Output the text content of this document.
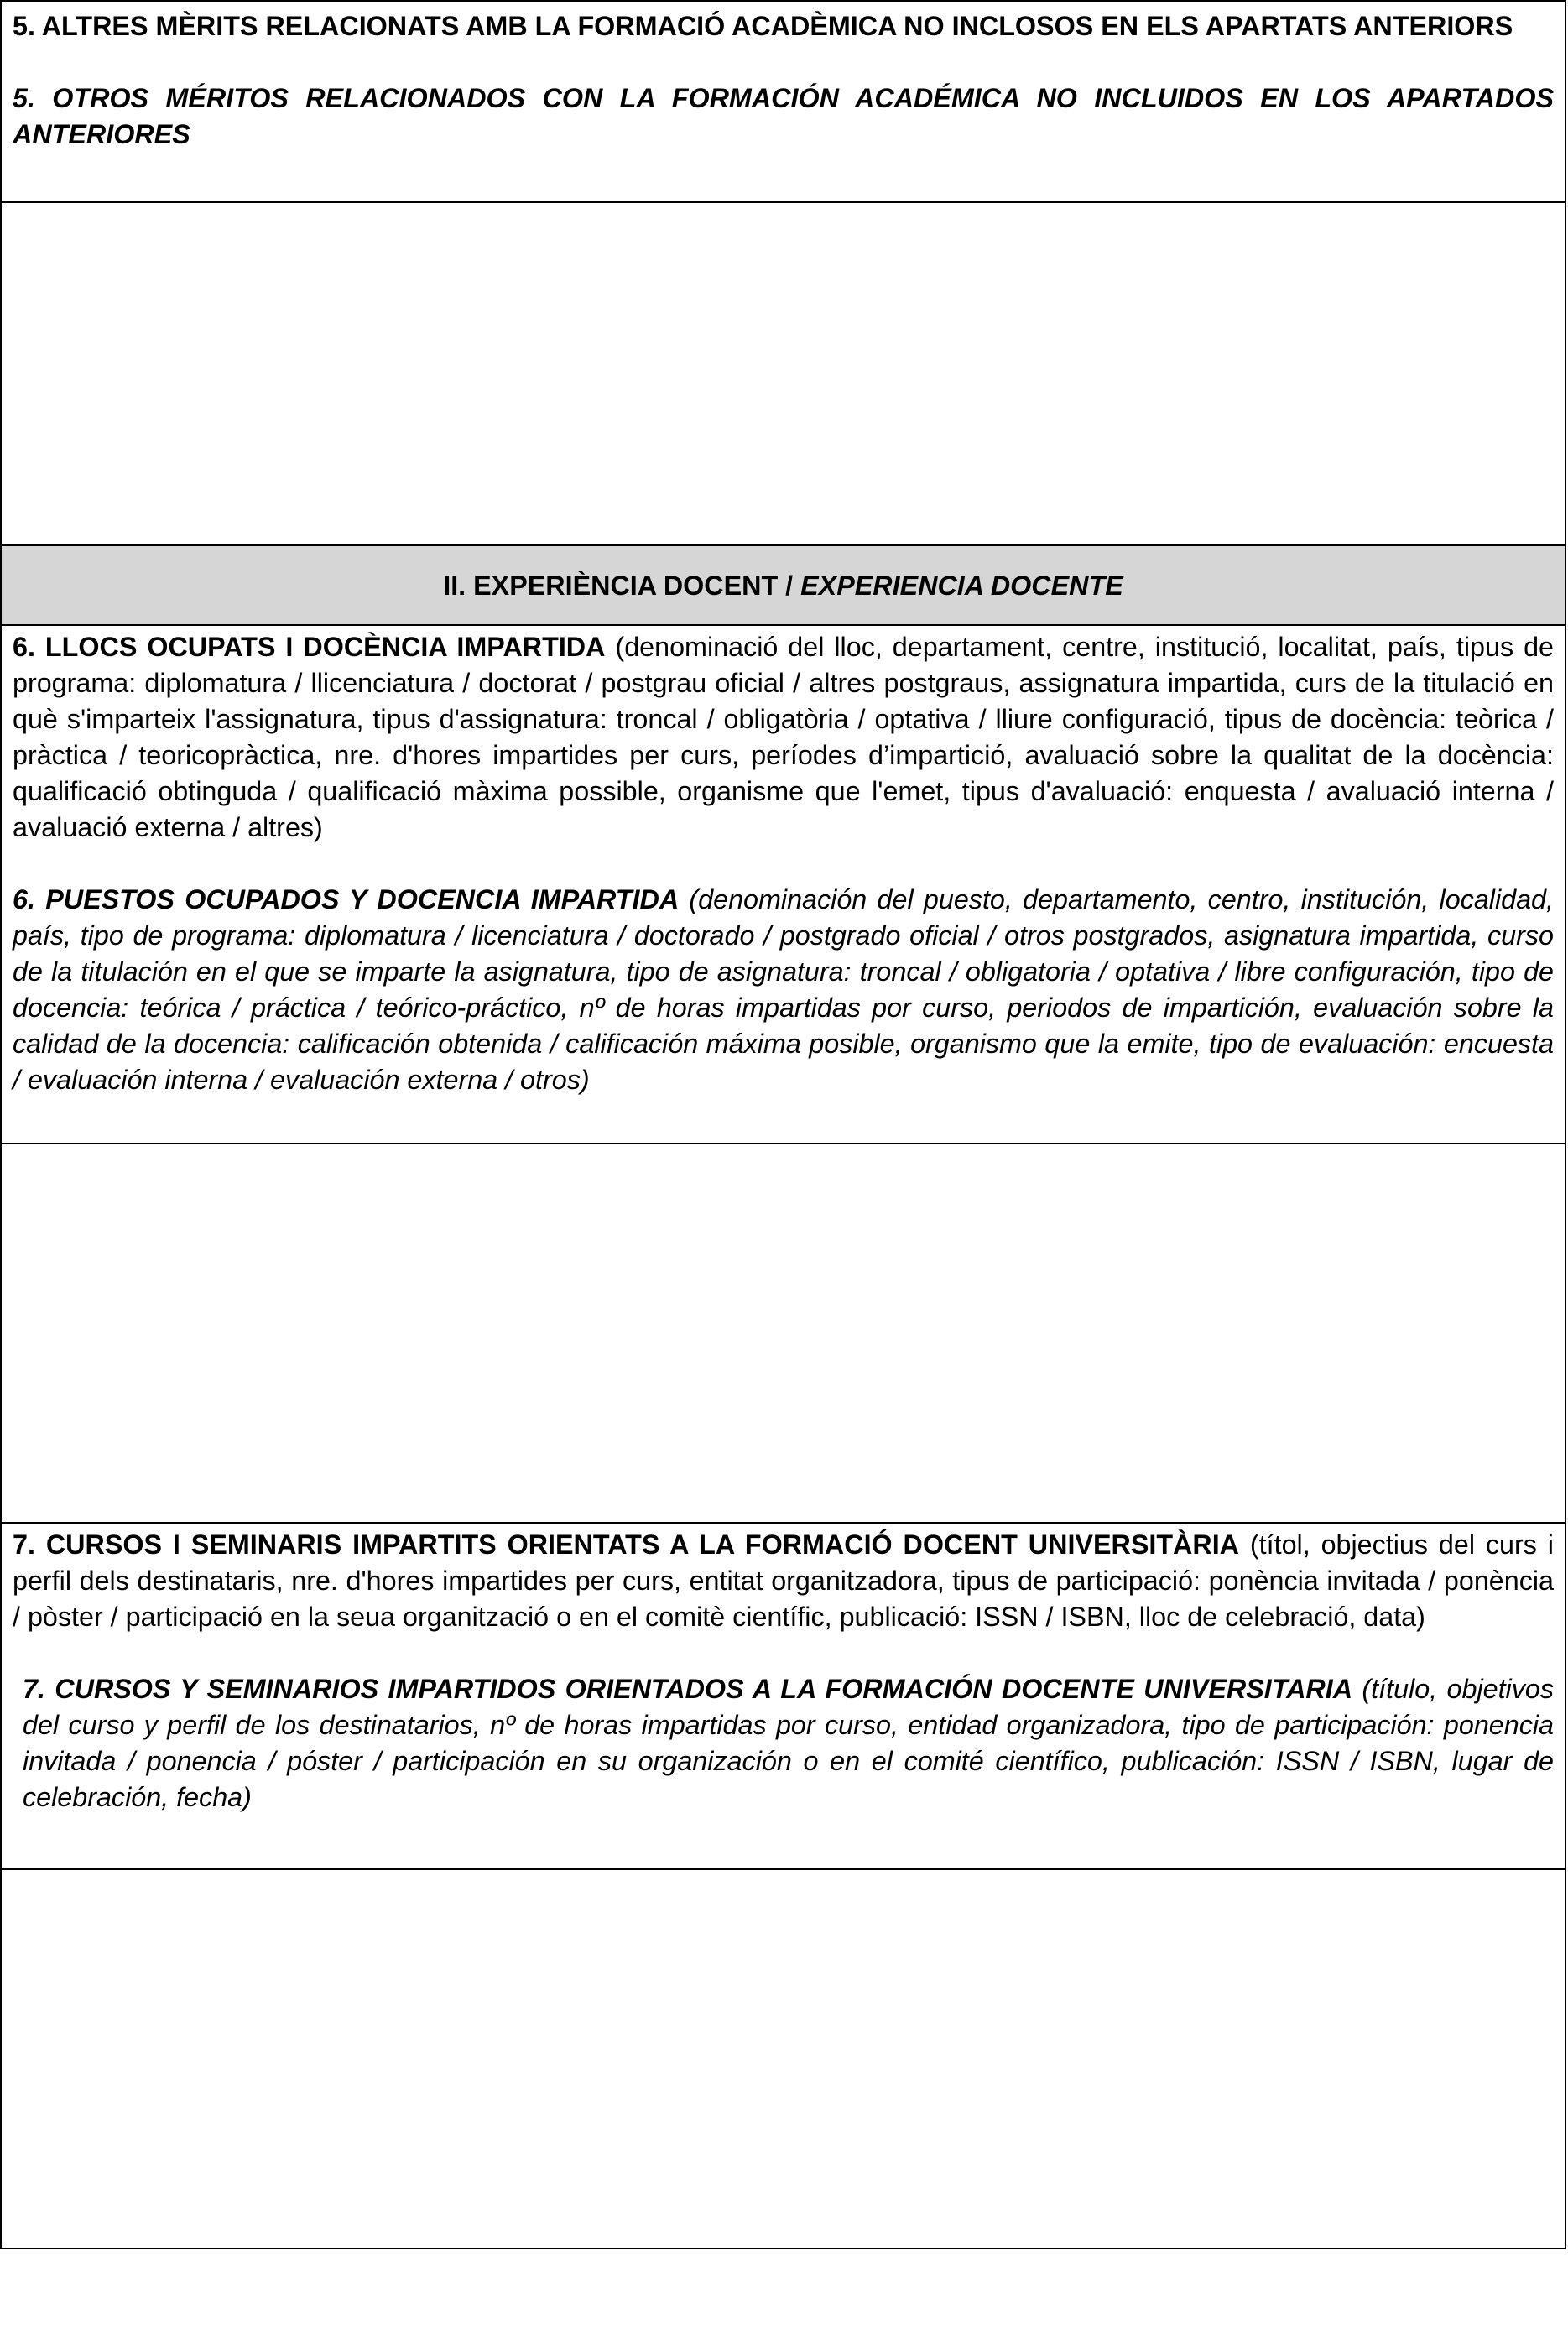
5. ALTRES MÈRITS RELACIONATS AMB LA FORMACIÓ ACADÈMICA NO INCLOSOS EN ELS APARTATS ANTERIORS

5. OTROS MÉRITOS RELACIONADOS CON LA FORMACIÓN ACADÉMICA NO INCLUIDOS EN LOS APARTADOS ANTERIORES

II. EXPERIÈNCIA DOCENT / EXPERIENCIA DOCENTE

6. LLOCS OCUPATS I DOCÈNCIA IMPARTIDA (denominació del lloc, departament, centre, institució, localitat, país, tipus de programa: diplomatura / llicenciatura / doctorat / postgrau oficial / altres postgraus, assignatura impartida, curs de la titulació en què s'imparteix l'assignatura, tipus d'assignatura: troncal / obligatòria / optativa / lliure configuració, tipus de docència: teòrica / pràctica / teoricopràctica, nre. d'hores impartides per curs, períodes d’impartició, avaluació sobre la qualitat de la docència: qualificació obtinguda / qualificació màxima possible, organisme que l'emet, tipus d'avaluació: enquesta / avaluació interna / avaluació externa / altres)

6. PUESTOS OCUPADOS Y DOCENCIA IMPARTIDA (denominación del puesto, departamento, centro, institución, localidad, país, tipo de programa: diplomatura / licenciatura / doctorado / postgrado oficial / otros postgrados, asignatura impartida, curso de la titulación en el que se imparte la asignatura, tipo de asignatura: troncal / obligatoria / optativa / libre configuración, tipo de docencia: teórica / práctica / teórico-práctico, nº de horas impartidas por curso, periodos de impartición, evaluación sobre la calidad de la docencia: calificación obtenida / calificación máxima posible, organismo que la emite, tipo de evaluación: encuesta / evaluación interna / evaluación externa / otros)

7. CURSOS I SEMINARIS IMPARTITS ORIENTATS A LA FORMACIÓ DOCENT UNIVERSITÀRIA (títol, objectius del curs i perfil dels destinataris, nre. d'hores impartides per curs, entitat organitzadora, tipus de participació: ponència invitada / ponència / pòster / participació en la seua organització o en el comitè científic, publicació: ISSN / ISBN, lloc de celebració, data)

7. CURSOS Y SEMINARIOS IMPARTIDOS ORIENTADOS A LA FORMACIÓN DOCENTE UNIVERSITARIA (título, objetivos del curso y perfil de los destinatarios, nº de horas impartidas por curso, entidad organizadora, tipo de participación: ponencia invitada / ponencia / póster / participación en su organización o en el comité científico, publicación: ISSN / ISBN, lugar de celebración, fecha)
